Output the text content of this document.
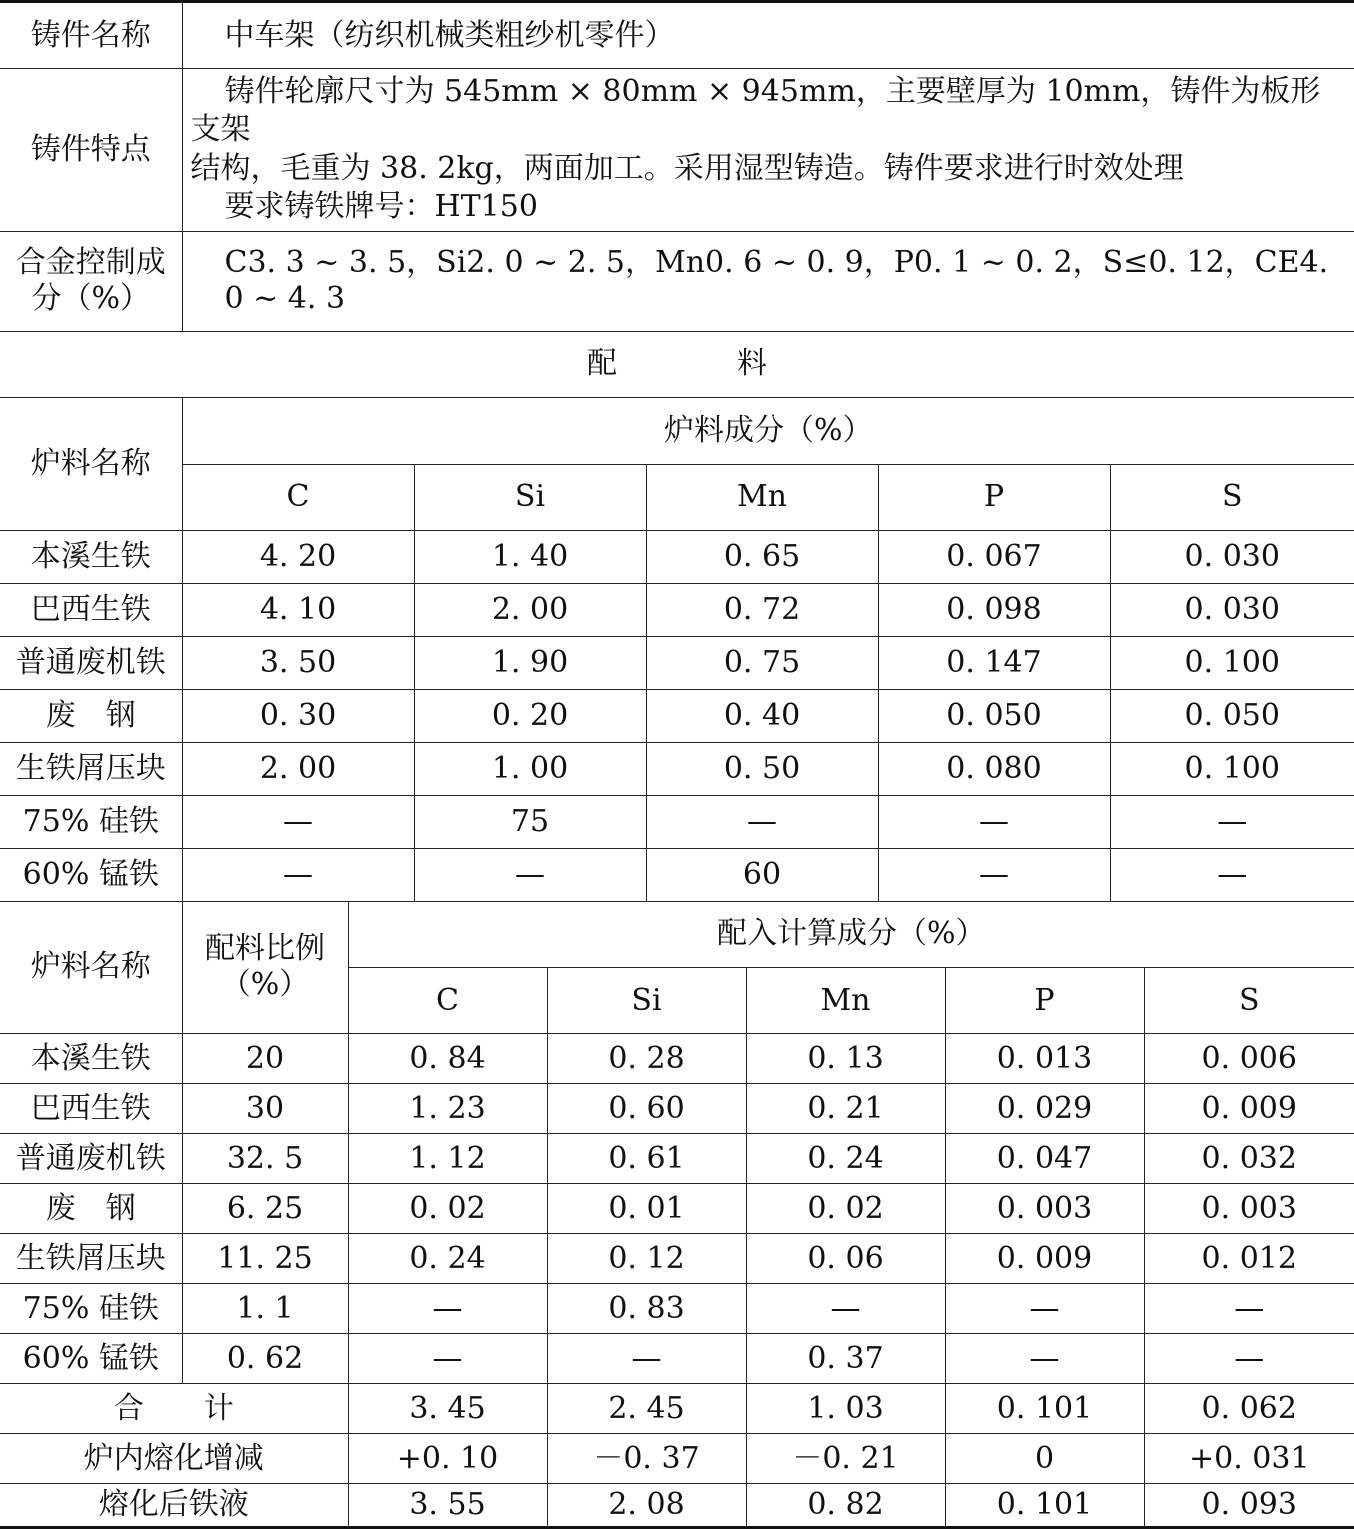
铸件名称	中车架（纺织机械类粗纱机零件）
铸件特点	铸件轮廓尺寸为 545mm × 80mm × 945mm，主要壁厚为 10mm，铸件为板形支架
结构，毛重为 38. 2kg，两面加工。采用湿型铸造。铸件要求进行时效处理
要求铸铁牌号：HT150

合金控制成分（%）	C3. 3 ~ 3. 5，Si2. 0 ~ 2. 5，Mn0. 6 ~ 0. 9，P0. 1 ~ 0. 2，S≤0. 12，CE4. 0 ~ 4. 3
配　　　　料
炉料名称	炉料成分（%）				
	C	Si	Mn	P	S
本溪生铁	4. 20	1. 40	0. 65	0. 067	0. 030
巴西生铁	4. 10	2. 00	0. 72	0. 098	0. 030
普通废机铁	3. 50	1. 90	0. 75	0. 147	0. 100
废　钢	0. 30	0. 20	0. 40	0. 050	0. 050
生铁屑压块	2. 00	1. 00	0. 50	0. 080	0. 100
75% 硅铁	—	75	—	—	—
60% 锰铁	—	—	60	—	—
炉料名称	配料比例（%）	配入计算成分（%）				
		C	Si	Mn	P	S
本溪生铁	20	0. 84	0. 28	0. 13	0. 013	0. 006
巴西生铁	30	1. 23	0. 60	0. 21	0. 029	0. 009
普通废机铁	32. 5	1. 12	0. 61	0. 24	0. 047	0. 032
废　钢	6. 25	0. 02	0. 01	0. 02	0. 003	0. 003
生铁屑压块	11. 25	0. 24	0. 12	0. 06	0. 009	0. 012
75% 硅铁	1. 1	—	0. 83	—	—	—
60% 锰铁	0. 62	—	—	0. 37	—	—
合　　计		3. 45	2. 45	1. 03	0. 101	0. 062
炉内熔化增减		+0. 10	－0. 37	－0. 21	0	+0. 031
熔化后铁液		3. 55	2. 08	0. 82	0. 101	0. 093
